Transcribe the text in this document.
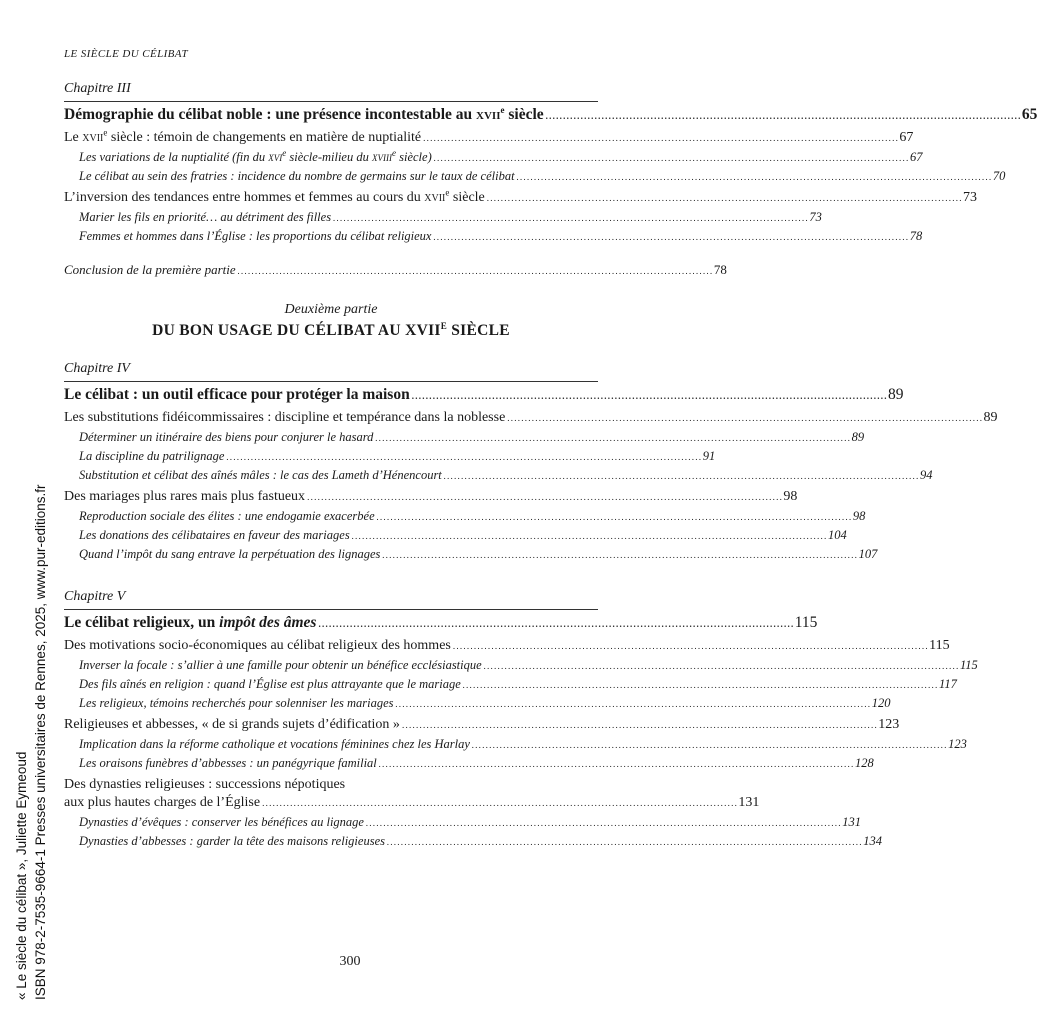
LE SIÈCLE DU CÉLIBAT
Chapitre III
Démographie du célibat noble : une présence incontestable au xvii$^e$ siècle . . .	65
Le xvii$^e$ siècle : témoin de changements en matière de nuptialité . . .	67
Les variations de la nuptialité (fin du xvi$^e$ siècle-milieu du xviii$^e$ siècle) . . .	67
Le célibat au sein des fratries : incidence du nombre de germains sur le taux de célibat . . .	70
L’inversion des tendances entre hommes et femmes au cours du xvii$^e$ siècle . . .	73
Marier les fils en priorité… au détriment des filles . . .	73
Femmes et hommes dans l’Église : les proportions du célibat religieux . . .	78
Conclusion de la première partie . . .	78
Deuxième partie
DU BON USAGE DU CÉLIBAT AU $XVII^E$ SIÈCLE
Chapitre IV
Le célibat : un outil efficace pour protéger la maison . . .	89
Les substitutions fidéicommissaires : discipline et tempérance dans la noblesse . . .	89
Déterminer un itinéraire des biens pour conjurer le hasard . . .	89
La discipline du patrilignage . . .	91
Substitution et célibat des aînés mâles : le cas des Lameth d’Hénencourt . . .	94
Des mariages plus rares mais plus fastueux . . .	98
Reproduction sociale des élites : une endogamie exacerbée . . .	98
Les donations des célibataires en faveur des mariages . . .	104
Quand l’impôt du sang entrave la perpétuation des lignages . . .	107
Chapitre V
Le célibat religieux, un impôt des âmes . . .	115
Des motivations socio-économiques au célibat religieux des hommes . . .	115
Inverser la focale : s’allier à une famille pour obtenir un bénéfice ecclésiastique . . .	115
Des fils aînés en religion : quand l’Église est plus attrayante que le mariage . . .	117
Les religieux, témoins recherchés pour solenniser les mariages . . .	120
Religieuses et abbesses, « de si grands sujets d’édification » . . .	123
Implication dans la réforme catholique et vocations féminines chez les Harlay . . .	123
Les oraisons funèbres d’abbesses : un panégyrique familial . . .	128
Des dynasties religieuses : successions népotiques
aux plus hautes charges de l’Église . . .	131
Dynasties d’évêques : conserver les bénéfices au lignage . . .	131
Dynasties d’abbesses : garder la tête des maisons religieuses . . .	134
300
« Le siècle du célibat », Juliette Eymeoud ISBN 978-2-7535-9664-1 Presses universitaires de Rennes, 2025, www.pur-editions.fr
